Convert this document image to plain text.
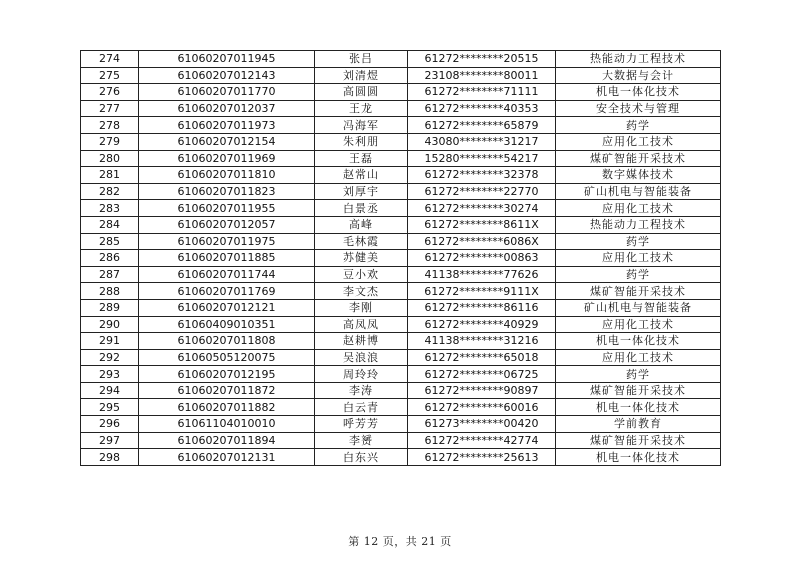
274	61060207011945	张吕	61272********20515	热能动力工程技术
275	61060207012143	刘清煜	23108********80011	大数据与会计
276	61060207011770	高圆圆	61272********71111	机电一体化技术
277	61060207012037	王龙	61272********40353	安全技术与管理
278	61060207011973	冯海军	61272********65879	药学
279	61060207012154	朱利朋	43080********31217	应用化工技术
280	61060207011969	王磊	15280********54217	煤矿智能开采技术
281	61060207011810	赵常山	61272********32378	数字媒体技术
282	61060207011823	刘厚宇	61272********22770	矿山机电与智能装备
283	61060207011955	白景丞	61272********30274	应用化工技术
284	61060207012057	高峰	61272********8611X	热能动力工程技术
285	61060207011975	毛林霞	61272********6086X	药学
286	61060207011885	苏健美	61272********00863	应用化工技术
287	61060207011744	豆小欢	41138********77626	药学
288	61060207011769	李文杰	61272********9111X	煤矿智能开采技术
289	61060207012121	李刚	61272********86116	矿山机电与智能装备
290	61060409010351	高凤凤	61272********40929	应用化工技术
291	61060207011808	赵耕博	41138********31216	机电一体化技术
292	61060505120075	吴浪浪	61272********65018	应用化工技术
293	61060207012195	周玲玲	61272********06725	药学
294	61060207011872	李涛	61272********90897	煤矿智能开采技术
295	61060207011882	白云青	61272********60016	机电一体化技术
296	61061104010010	呼芳芳	61273********00420	学前教育
297	61060207011894	李赟	61272********42774	煤矿智能开采技术
298	61060207012131	白东兴	61272********25613	机电一体化技术
第 12 页，共 21 页
